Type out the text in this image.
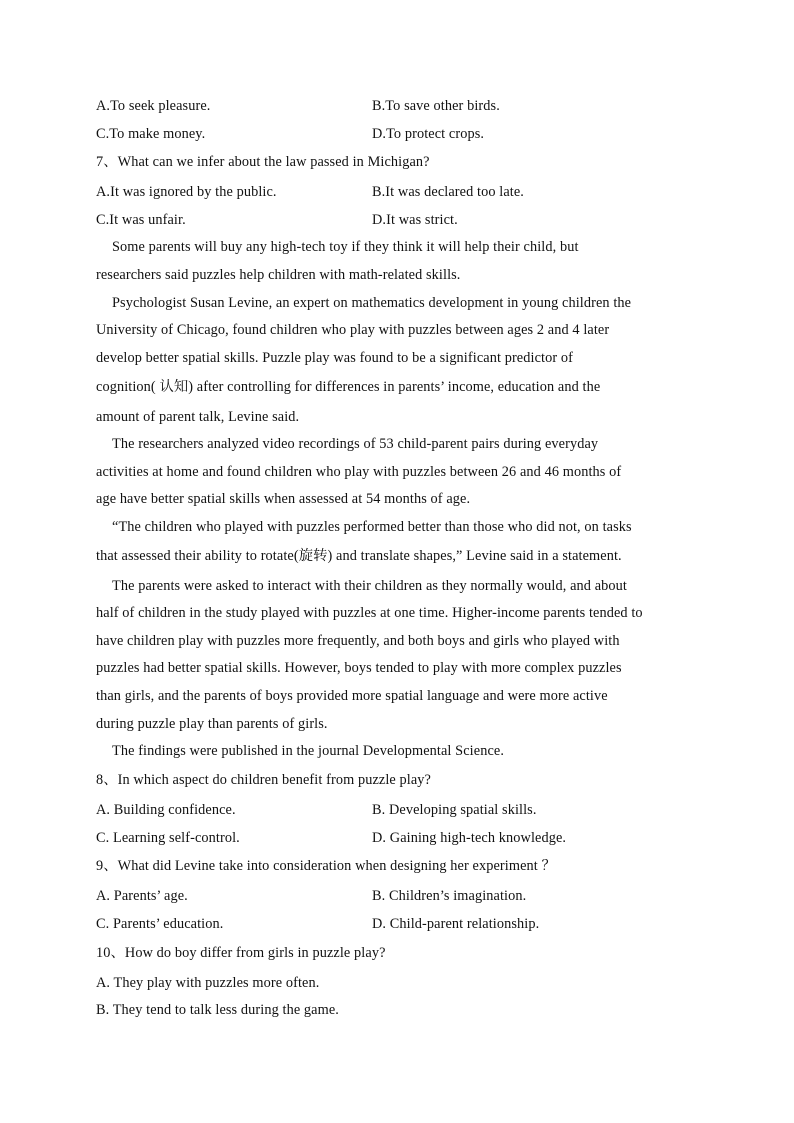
A.To seek pleasure.	B.To save other birds.
C.To make money.	D.To protect crops.
7、What can we infer about the law passed in Michigan?
A.It was ignored by the public.	B.It was declared too late.
C.It was unfair.	D.It was strict.
Some parents will buy any high-tech toy if they think it will help their child, but
researchers said puzzles help children with math-related skills.
Psychologist Susan Levine, an expert on mathematics development in young children the
University of Chicago, found children who play with puzzles between ages 2 and 4 later
develop better spatial skills. Puzzle play was found to be a significant predictor of
cognition( 认知) after controlling for differences in parents’ income, education and the
amount of parent talk, Levine said.
The researchers analyzed video recordings of 53 child-parent pairs during everyday
activities at home and found children who play with puzzles between 26 and 46 months of
age have better spatial skills when assessed at 54 months of age.
“The children who played with puzzles performed better than those who did not, on tasks
that assessed their ability to rotate(旋转) and translate shapes,” Levine said in a statement.
The parents were asked to interact with their children as they normally would, and about
half of children in the study played with puzzles at one time. Higher-income parents tended to
have children play with puzzles more frequently, and both boys and girls who played with
puzzles had better spatial skills. However, boys tended to play with more complex puzzles
than girls, and the parents of boys provided more spatial language and were more active
during puzzle play than parents of girls.
The findings were published in the journal Developmental Science.
8、In which aspect do children benefit from puzzle play?
A. Building confidence.	B. Developing spatial skills.
C. Learning self-control.	D. Gaining high-tech knowledge.
9、What did Levine take into consideration when designing her experiment ？
A. Parents’ age.	B. Children’s imagination.
C. Parents’ education.	D. Child-parent relationship.
10、How do boy differ from girls in puzzle play?
A. They play with puzzles more often.
B. They tend to talk less during the game.
